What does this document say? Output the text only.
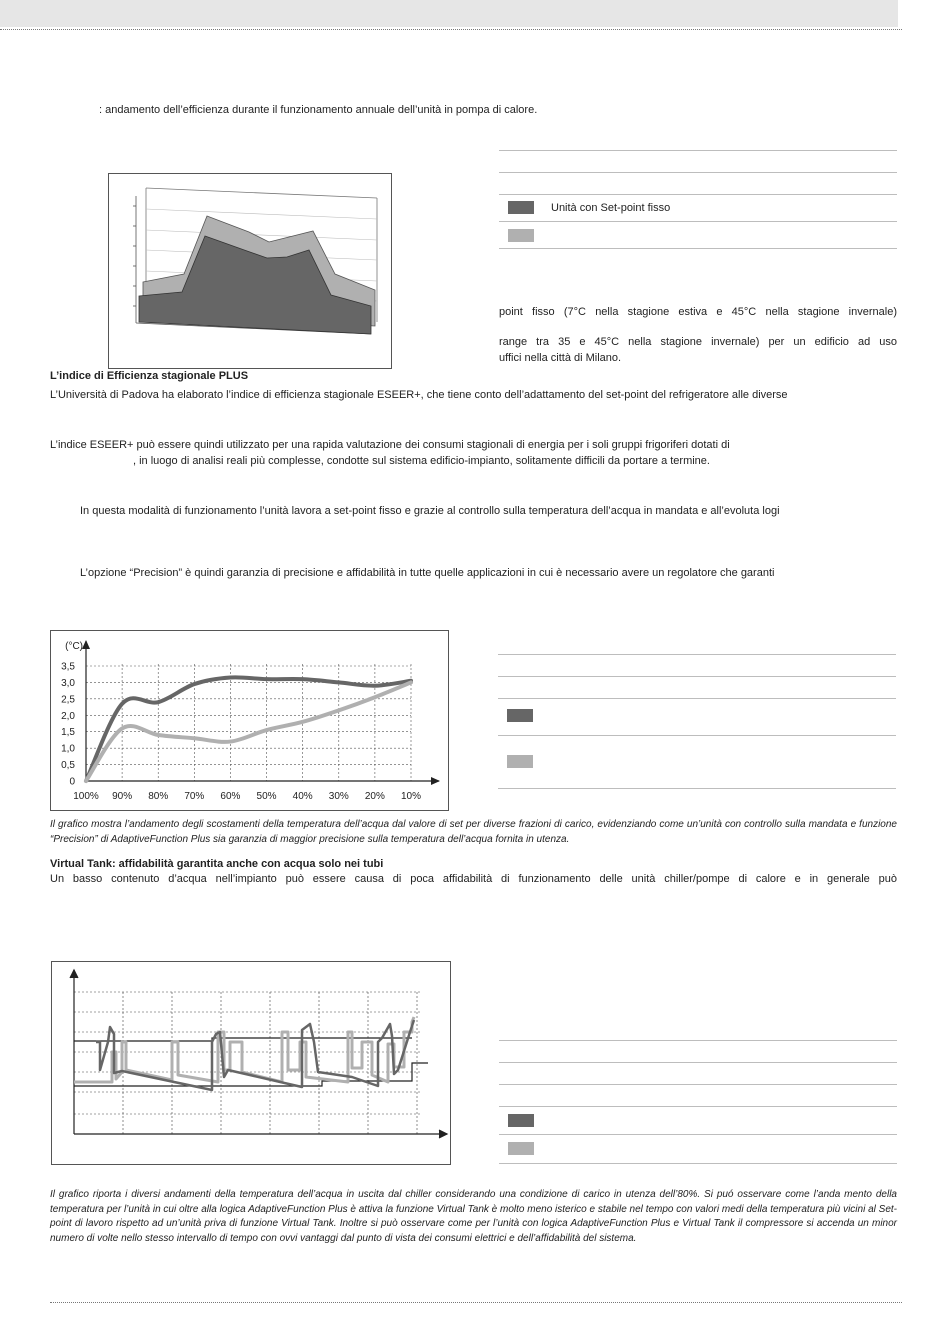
: andamento dell’efficienza durante il funzionamento annuale dell’unità in pompa di calore.
Unità con Set-point fisso
point fisso (7°C nella stagione estiva e 45°C nella stagione invernale)
range tra 35 e 45°C nella stagione invernale) per un edificio ad uso
uffici nella città di Milano.
L’indice di Efficienza stagionale PLUS
L’Università di Padova ha elaborato l’indice di efficienza stagionale ESEER+, che tiene conto dell’adattamento del set-point del refrigeratore alle diverse
L’indice ESEER+ può essere quindi utilizzato per una rapida valutazione dei consumi stagionali di energia per i soli gruppi frigoriferi dotati di
, in luogo di analisi reali più complesse, condotte sul sistema edificio-impianto, solitamente difficili da portare a termine.
In questa modalità di funzionamento l’unità lavora a set-point fisso e grazie al controllo sulla temperatura dell’acqua in mandata e all’evoluta logi
L’opzione “Precision” è quindi garanzia di precisione e affidabilità in tutte quelle applicazioni in cui è necessario avere un regolatore che garanti
0
0,5
1,0
1,5
2,0
2,5
3,0
3,5
100% 90% 80% 70% 60% 50% 40% 30% 20% 10%
(°C)
Il grafico mostra l’andamento degli scostamenti della temperatura dell’acqua dal valore di set per diverse frazioni di carico, evidenziando come un’unità con controllo sulla mandata e funzione “Precision” di AdaptiveFunction Plus sia garanzia di maggior precisione sulla temperatura dell’acqua fornita in utenza.
Virtual Tank: affidabilità garantita anche con acqua solo nei tubi
Un basso contenuto d’acqua nell’impianto può essere causa di poca affidabilità di funzionamento delle unità chiller/pompe di calore e in generale può
Il grafico riporta i diversi andamenti della temperatura dell’acqua in uscita dal chiller considerando una condizione di carico in utenza dell’80%. Si puó osservare come l’anda mento della temperatura per l’unità in cui oltre alla logica AdaptiveFunction Plus è attiva la funzione Virtual Tank è molto meno isterico e stabile nel tempo con valori medi della temperatura più vicini al Set-point di lavoro rispetto ad un’unità priva di funzione Virtual Tank. Inoltre si può osservare come per l’unità con logica AdaptiveFunction Plus e Virtual Tank il compressore si accenda un minor numero di volte nello stesso intervallo di tempo con ovvi vantaggi dal punto di vista dei consumi elettrici e dell’affidabilità del sistema.
